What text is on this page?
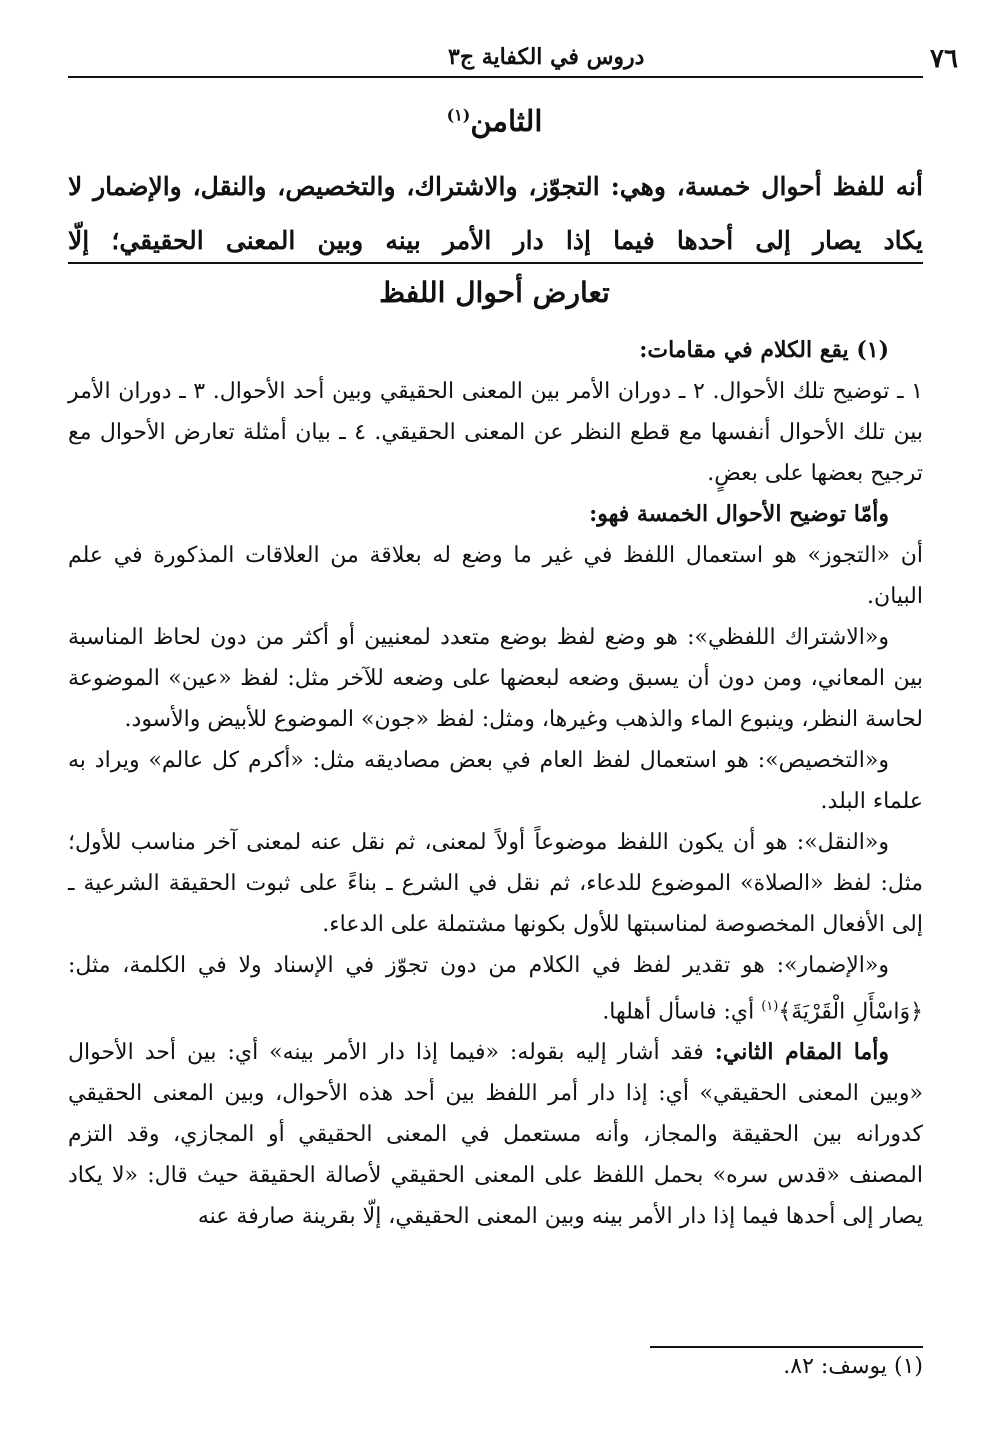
دروس في الكفاية ج٣	٧٦
الثامن$^{(١)}$
أنه للفظ أحوال خمسة، وهي: التجوّز، والاشتراك، والتخصيص، والنقل، والإضمار لا يكاد يصار إلى أحدها فيما إذا دار الأمر بينه وبين المعنى الحقيقي؛ إلّا
تعارض أحوال اللفظ

(١) يقع الكلام في مقامات:

١ ـ توضيح تلك الأحوال. ٢ ـ دوران الأمر بين المعنى الحقيقي وبين أحد الأحوال. ٣ ـ دوران الأمر بين تلك الأحوال أنفسها مع قطع النظر عن المعنى الحقيقي. ٤ ـ بيان أمثلة تعارض الأحوال مع ترجيح بعضها على بعضٍ.

وأمّا توضيح الأحوال الخمسة فهو:

أن «التجوز» هو استعمال اللفظ في غير ما وضع له بعلاقة من العلاقات المذكورة في علم البيان.

و«الاشتراك اللفظي»: هو وضع لفظ بوضع متعدد لمعنيين أو أكثر من دون لحاظ المناسبة بين المعاني، ومن دون أن يسبق وضعه لبعضها على وضعه للآخر مثل: لفظ «عين» الموضوعة لحاسة النظر، وينبوع الماء والذهب وغيرها، ومثل: لفظ «جون» الموضوع للأبيض والأسود.

و«التخصيص»: هو استعمال لفظ العام في بعض مصاديقه مثل: «أكرم كل عالم» ويراد به علماء البلد.

و«النقل»: هو أن يكون اللفظ موضوعاً أولاً لمعنى، ثم نقل عنه لمعنى آخر مناسب للأول؛ مثل: لفظ «الصلاة» الموضوع للدعاء، ثم نقل في الشرع ـ بناءً على ثبوت الحقيقة الشرعية ـ إلى الأفعال المخصوصة لمناسبتها للأول بكونها مشتملة على الدعاء.

و«الإضمار»: هو تقدير لفظ في الكلام من دون تجوّز في الإسناد ولا في الكلمة، مثل: ﴿وَاسْأَلِ الْقَرْيَةَ﴾$^{(١)}$ أي: فاسأل أهلها.

وأما المقام الثاني: فقد أشار إليه بقوله: «فيما إذا دار الأمر بينه» أي: بين أحد الأحوال «وبين المعنى الحقيقي» أي: إذا دار أمر اللفظ بين أحد هذه الأحوال، وبين المعنى الحقيقي كدورانه بين الحقيقة والمجاز، وأنه مستعمل في المعنى الحقيقي أو المجازي، وقد التزم المصنف «قدس سره» بحمل اللفظ على المعنى الحقيقي لأصالة الحقيقة حيث قال: «لا يكاد يصار إلى أحدها فيما إذا دار الأمر بينه وبين المعنى الحقيقي، إلّا بقرينة صارفة عنه

(١) يوسف: ٨٢.
